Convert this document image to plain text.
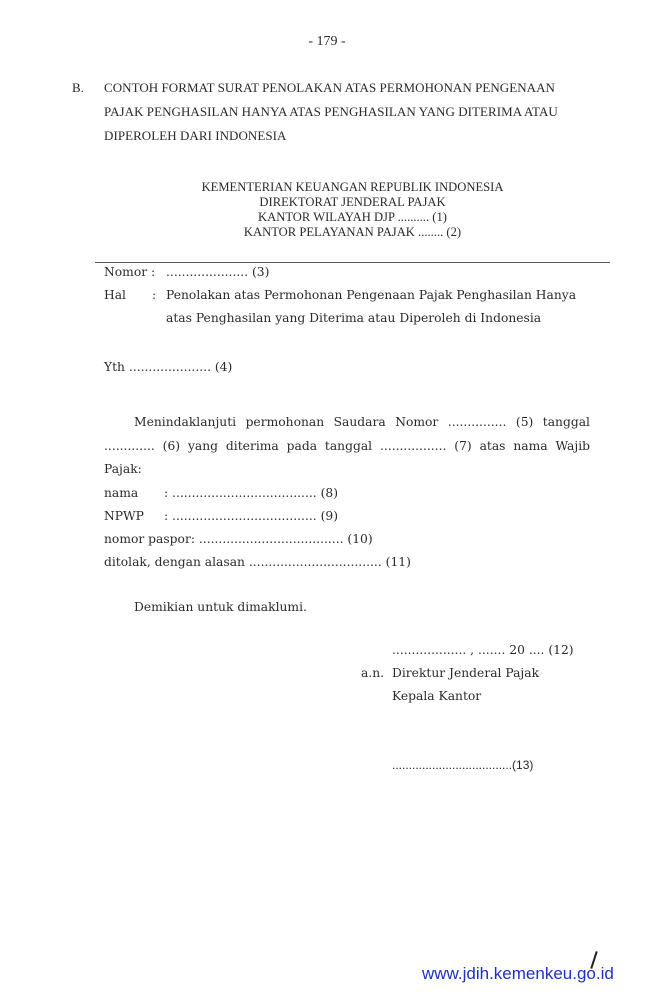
- 179 -
B. CONTOH FORMAT SURAT PENOLAKAN ATAS PERMOHONAN PENGENAAN
PAJAK PENGHASILAN HANYA ATAS PENGHASILAN YANG DITERIMA ATAU
DIPEROLEH DARI INDONESIA
KEMENTERIAN KEUANGAN REPUBLIK INDONESIA
DIREKTORAT JENDERAL PAJAK
KANTOR WILAYAH DJP .......... (1)
KANTOR PELAYANAN PAJAK ........ (2)
Nomor : ..................... (3)
Hal : Penolakan atas Permohonan Pengenaan Pajak Penghasilan Hanya
atas Penghasilan yang Diterima atau Diperoleh di Indonesia
Yth ..................... (4)
Menindaklanjuti permohonan Saudara Nomor ............... (5) tanggal
............. (6) yang diterima pada tanggal ................. (7) atas nama Wajib
Pajak:
nama : ..................................... (8)
NPWP : ..................................... (9)
nomor paspor: ..................................... (10)
ditolak, dengan alasan .................................. (11)
Demikian untuk dimaklumi.
................... , ....... 20 .... (12)
a.n. Direktur Jenderal Pajak
Kepala Kantor
....................................(13)
www.jdih.kemenkeu.go.id
